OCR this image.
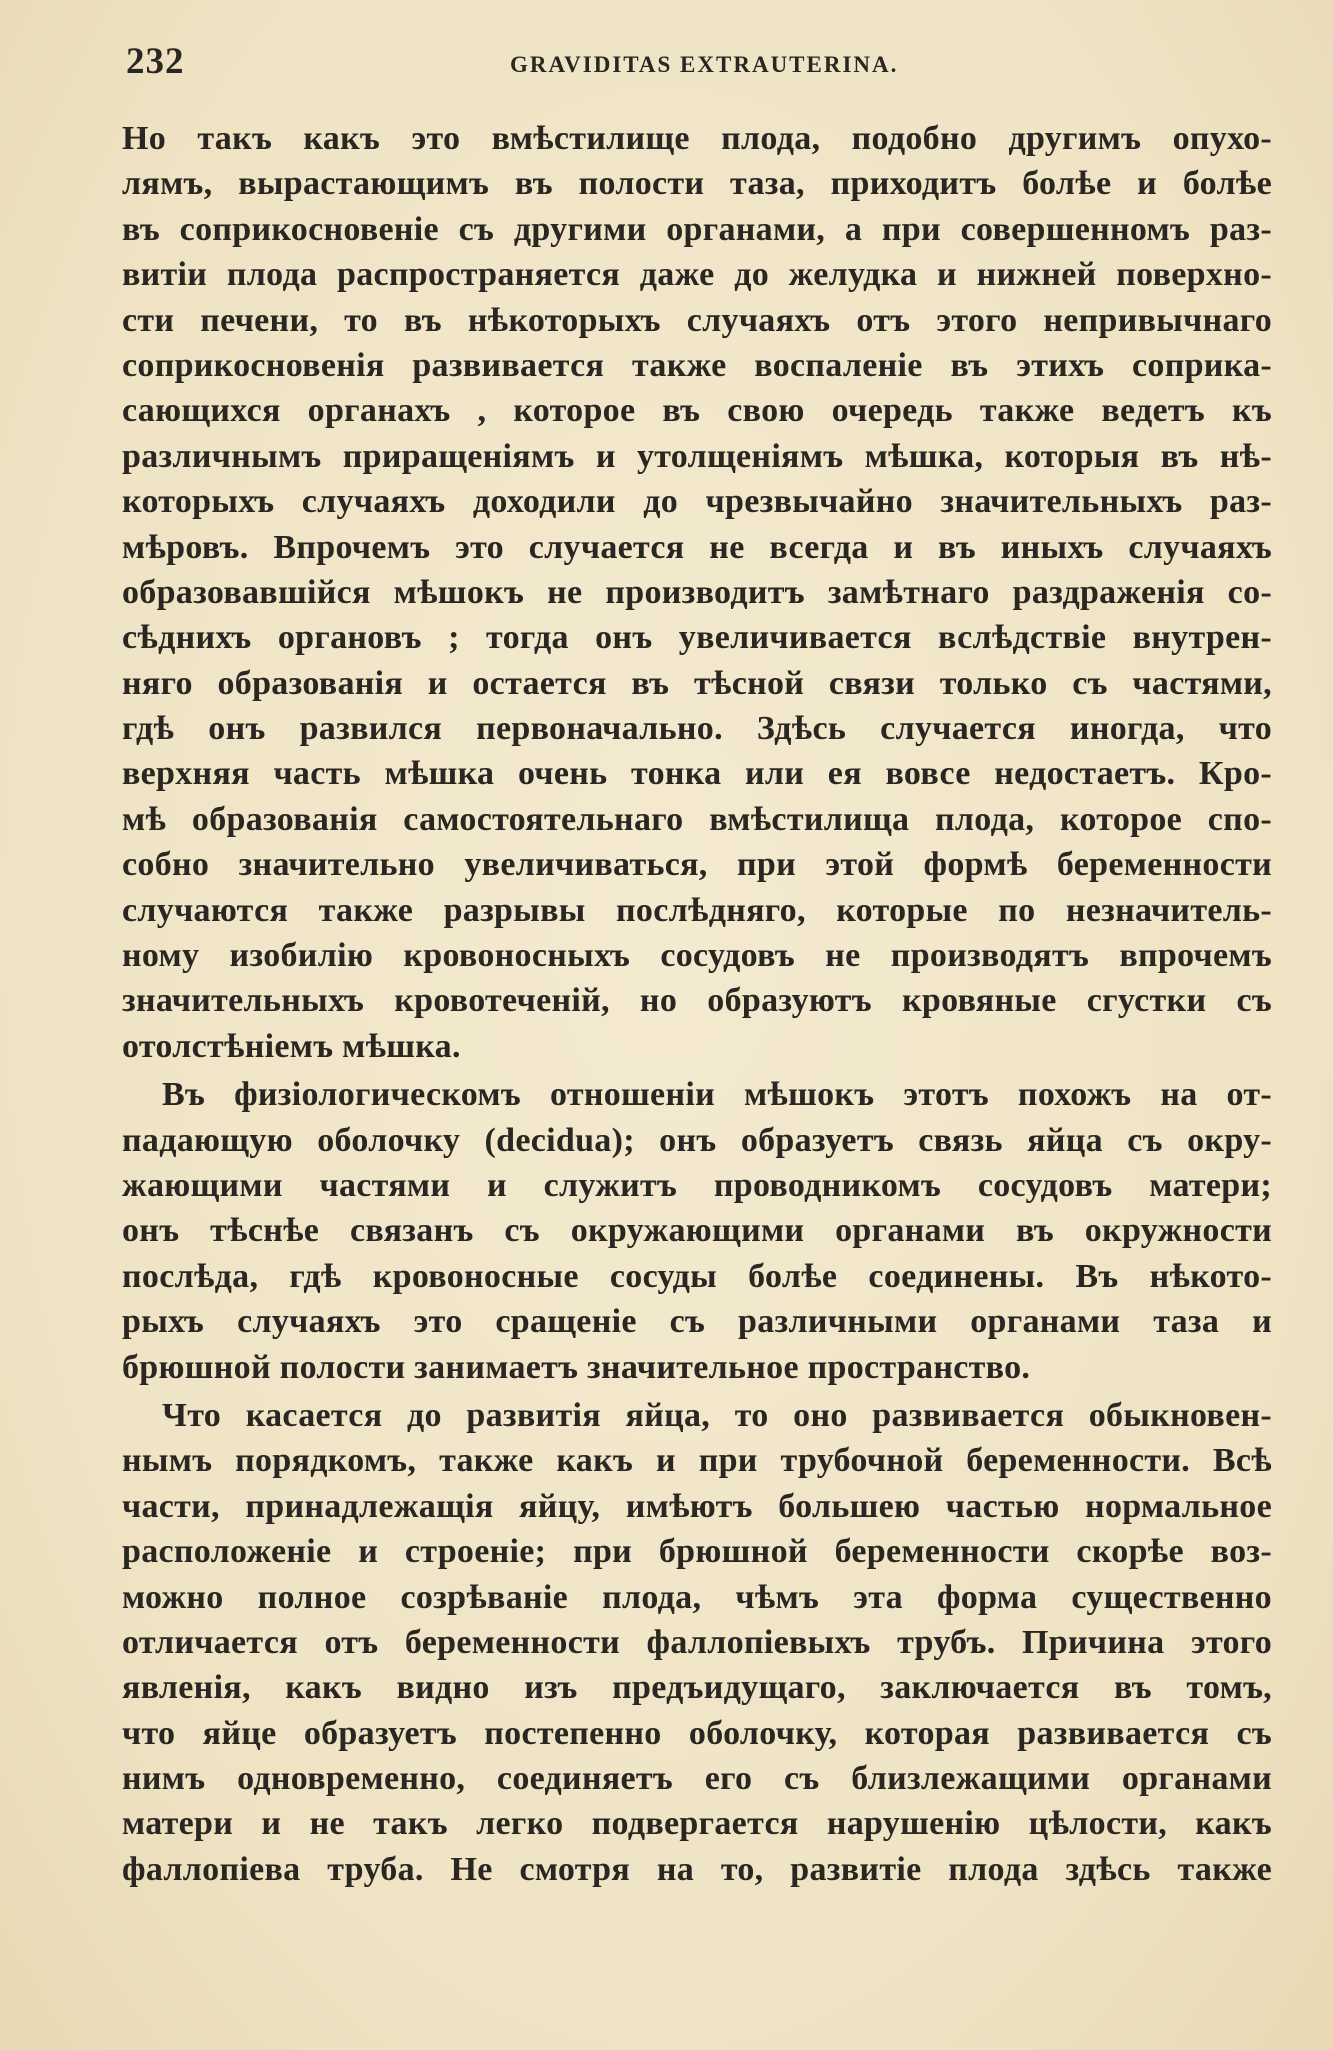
232	GRAVIDITAS EXTRAUTERINA.
Но такъ какъ это вмѣстилище плода, подобно другимъ опухо-
лямъ, вырастающимъ въ полости таза, приходитъ болѣе и болѣе
въ соприкосновеніе съ другими органами, а при совершенномъ раз-
витіи плода распространяется даже до желудка и нижней поверхно-
сти печени, то въ нѣкоторыхъ случаяхъ отъ этого непривычнаго
соприкосновенія развивается также воспаленіе въ этихъ соприка-
сающихся органахъ , которое въ свою очередь также ведетъ къ
различнымъ приращеніямъ и утолщеніямъ мѣшка, которыя въ нѣ-
которыхъ случаяхъ доходили до чрезвычайно значительныхъ раз-
мѣровъ. Впрочемъ это случается не всегда и въ иныхъ случаяхъ
образовавшійся мѣшокъ не производитъ замѣтнаго раздраженія со-
сѣднихъ органовъ ; тогда онъ увеличивается вслѣдствіе внутрен-
няго образованія и остается въ тѣсной связи только съ частями,
гдѣ онъ развился первоначально. Здѣсь случается иногда, что
верхняя часть мѣшка очень тонка или ея вовсе недостаетъ. Кро-
мѣ образованія самостоятельнаго вмѣстилища плода, которое спо-
собно значительно увеличиваться, при этой формѣ беременности
случаются также разрывы послѣдняго, которые по незначитель-
ному изобилію кровоносныхъ сосудовъ не производятъ впрочемъ
значительныхъ кровотеченій, но образуютъ кровяные сгустки съ
отолстѣніемъ мѣшка.
Въ физіологическомъ отношеніи мѣшокъ этотъ похожъ на от-
падающую оболочку (decidua); онъ образуетъ связь яйца съ окру-
жающими частями и служитъ проводникомъ сосудовъ матери;
онъ тѣснѣе связанъ съ окружающими органами въ окружности
послѣда, гдѣ кровоносные сосуды болѣе соединены. Въ нѣкото-
рыхъ случаяхъ это сращеніе съ различными органами таза и
брюшной полости занимаетъ значительное пространство.
Что касается до развитія яйца, то оно развивается обыкновен-
нымъ порядкомъ, также какъ и при трубочной беременности. Всѣ
части, принадлежащія яйцу, имѣютъ большею частью нормальное
расположеніе и строеніе; при брюшной беременности скорѣе воз-
можно полное созрѣваніе плода, чѣмъ эта форма существенно
отличается отъ беременности фаллопіевыхъ трубъ. Причина этого
явленія, какъ видно изъ предъидущаго, заключается въ томъ,
что яйце образуетъ постепенно оболочку, которая развивается съ
нимъ одновременно, соединяетъ его съ близлежащими органами
матери и не такъ легко подвергается нарушенію цѣлости, какъ
фаллопіева труба. Не смотря на то, развитіе плода здѣсь также
